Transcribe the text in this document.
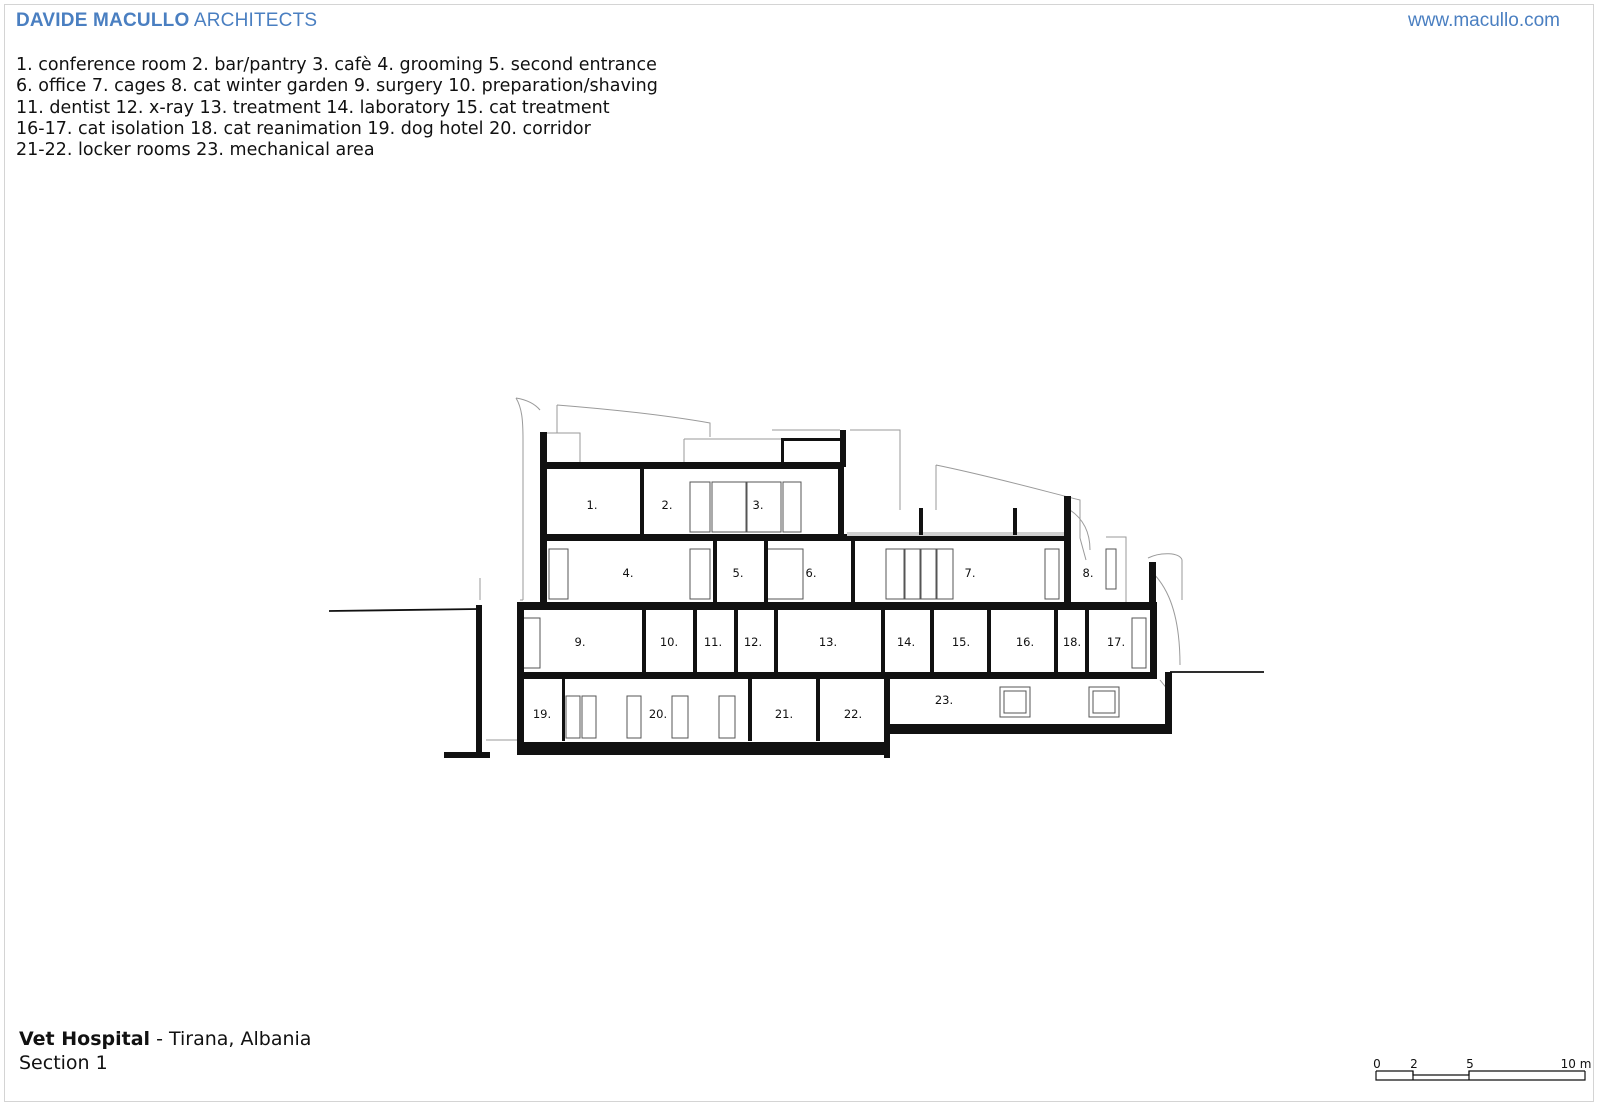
DAVIDE MACULLO ARCHITECTS	www.macullo.com
1. conference room 2. bar/pantry 3. cafè 4. grooming 5. second entrance
6. office 7. cages 8. cat winter garden 9. surgery 10. preparation/shaving
11. dentist 12. x-ray 13. treatment 14. laboratory 15. cat treatment
16-17. cat isolation 18. cat reanimation 19. dog hotel 20. corridor
21-22. locker rooms 23. mechanical area
1.	2.	3.
4.	5.	6.	7.	8.
9.	10. 11. 12.	13.	14.	15.	16. 18. 17.
19.	20.	21.	22.
23.
Vet Hospital - Tirana, Albania
Section 1	0 2	5	10 m
